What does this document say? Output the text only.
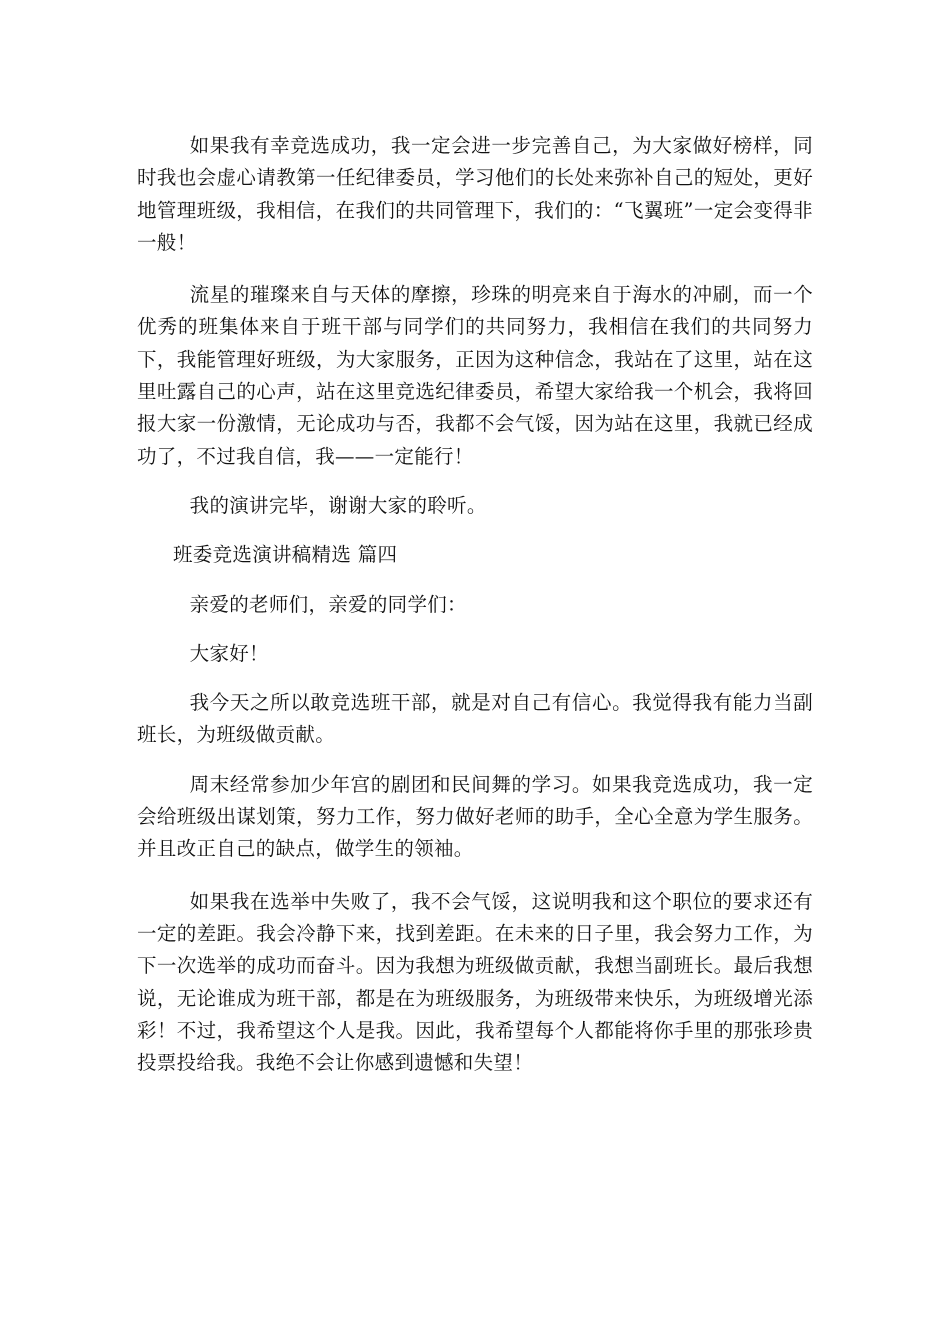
如果我有幸竞选成功，我一定会进一步完善自己，为大家做好榜样，同时我也会虚心请教第一任纪律委员，学习他们的长处来弥补自己的短处，更好地管理班级，我相信，在我们的共同管理下，我们的：“飞翼班”一定会变得非一般！

流星的璀璨来自与天体的摩擦，珍珠的明亮来自于海水的冲刷，而一个优秀的班集体来自于班干部与同学们的共同努力，我相信在我们的共同努力下，我能管理好班级，为大家服务，正因为这种信念，我站在了这里，站在这里吐露自己的心声，站在这里竞选纪律委员，希望大家给我一个机会，我将回报大家一份激情，无论成功与否，我都不会气馁，因为站在这里，我就已经成功了，不过我自信，我——一定能行！

我的演讲完毕，谢谢大家的聆听。

班委竞选演讲稿精选 篇四

亲爱的老师们，亲爱的同学们：

大家好！

我今天之所以敢竞选班干部，就是对自己有信心。我觉得我有能力当副班长，为班级做贡献。

周末经常参加少年宫的剧团和民间舞的学习。如果我竞选成功，我一定会给班级出谋划策，努力工作，努力做好老师的助手，全心全意为学生服务。并且改正自己的缺点，做学生的领袖。

如果我在选举中失败了，我不会气馁，这说明我和这个职位的要求还有一定的差距。我会冷静下来，找到差距。在未来的日子里，我会努力工作，为下一次选举的成功而奋斗。因为我想为班级做贡献，我想当副班长。最后我想说，无论谁成为班干部，都是在为班级服务，为班级带来快乐，为班级增光添彩！不过，我希望这个人是我。因此，我希望每个人都能将你手里的那张珍贵投票投给我。我绝不会让你感到遗憾和失望！
